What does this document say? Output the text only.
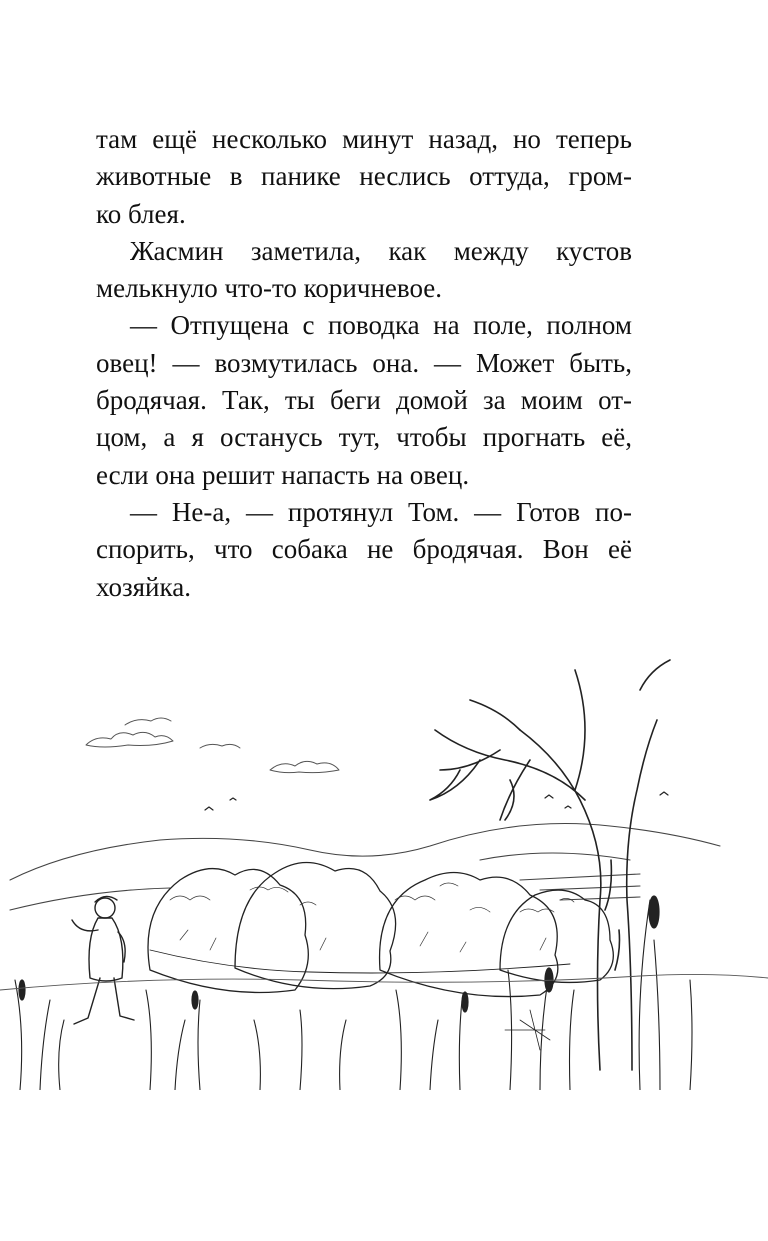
там ещё несколько минут назад, но теперь
животные в панике неслись оттуда, гром-
ко блея.
Жасмин заметила, как между кустов
мелькнуло что-то коричневое.
— Отпущена с поводка на поле, полном
овец! — возмутилась она. — Может быть,
бродячая. Так, ты беги домой за моим от-
цом, а я останусь тут, чтобы прогнать её,
если она решит напасть на овец.
— Не-а, — протянул Том. — Готов по-
спорить, что собака не бродячая. Вон её
хозяйка.
